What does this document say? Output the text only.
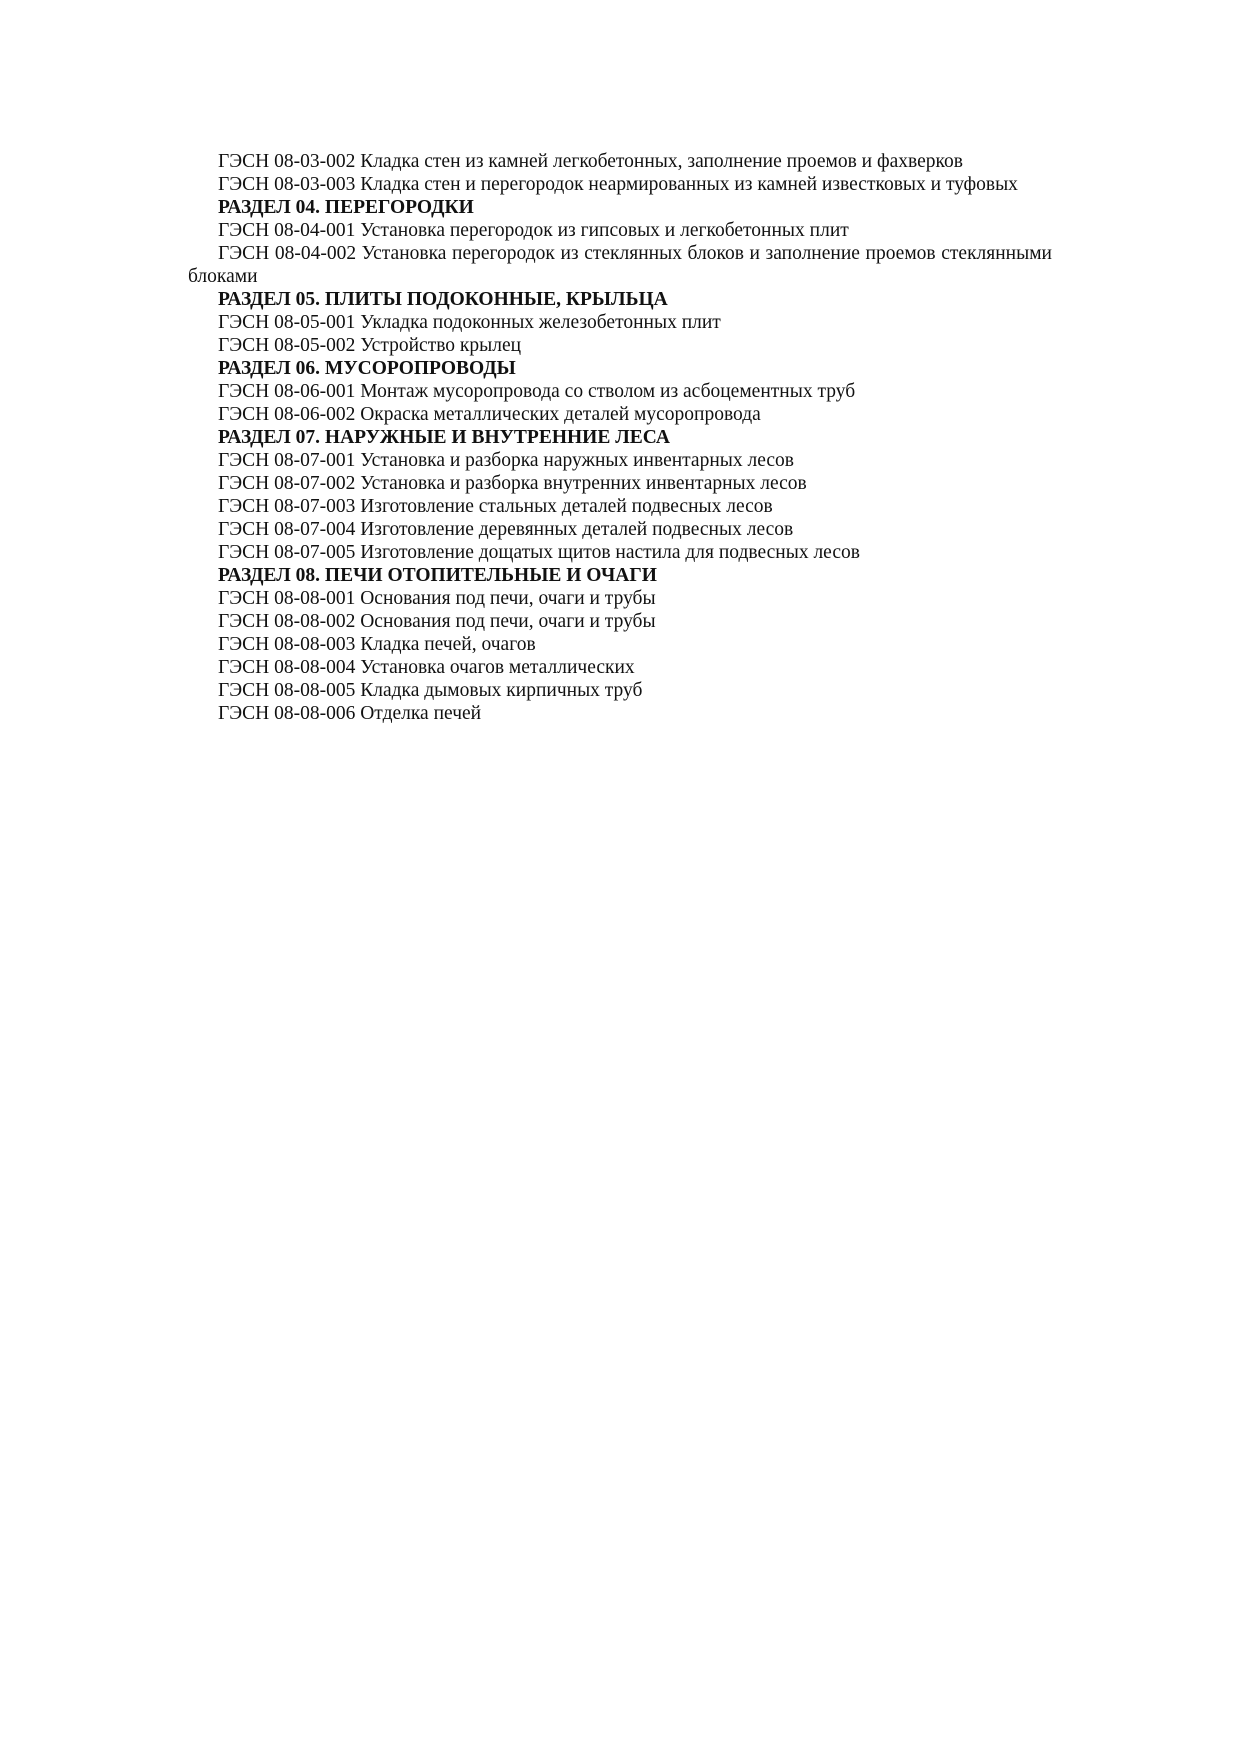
ГЭСН 08-03-002 Кладка стен из камней легкобетонных, заполнение проемов и фахверков

ГЭСН 08-03-003 Кладка стен и перегородок неармированных из камней известковых и туфовых

РАЗДЕЛ 04. ПЕРЕГОРОДКИ

ГЭСН 08-04-001 Установка перегородок из гипсовых и легкобетонных плит

ГЭСН 08-04-002 Установка перегородок из стеклянных блоков и заполнение проемов стеклянными блоками

РАЗДЕЛ 05. ПЛИТЫ ПОДОКОННЫЕ, КРЫЛЬЦА

ГЭСН 08-05-001 Укладка подоконных железобетонных плит

ГЭСН 08-05-002 Устройство крылец

РАЗДЕЛ 06. МУСОРОПРОВОДЫ

ГЭСН 08-06-001 Монтаж мусоропровода со стволом из асбоцементных труб

ГЭСН 08-06-002 Окраска металлических деталей мусоропровода

РАЗДЕЛ 07. НАРУЖНЫЕ И ВНУТРЕННИЕ ЛЕСА

ГЭСН 08-07-001 Установка и разборка наружных инвентарных лесов

ГЭСН 08-07-002 Установка и разборка внутренних инвентарных лесов

ГЭСН 08-07-003 Изготовление стальных деталей подвесных лесов

ГЭСН 08-07-004 Изготовление деревянных деталей подвесных лесов

ГЭСН 08-07-005 Изготовление дощатых щитов настила для подвесных лесов

РАЗДЕЛ 08. ПЕЧИ ОТОПИТЕЛЬНЫЕ И ОЧАГИ

ГЭСН 08-08-001 Основания под печи, очаги и трубы

ГЭСН 08-08-002 Основания под печи, очаги и трубы

ГЭСН 08-08-003 Кладка печей, очагов

ГЭСН 08-08-004 Установка очагов металлических

ГЭСН 08-08-005 Кладка дымовых кирпичных труб

ГЭСН 08-08-006 Отделка печей
